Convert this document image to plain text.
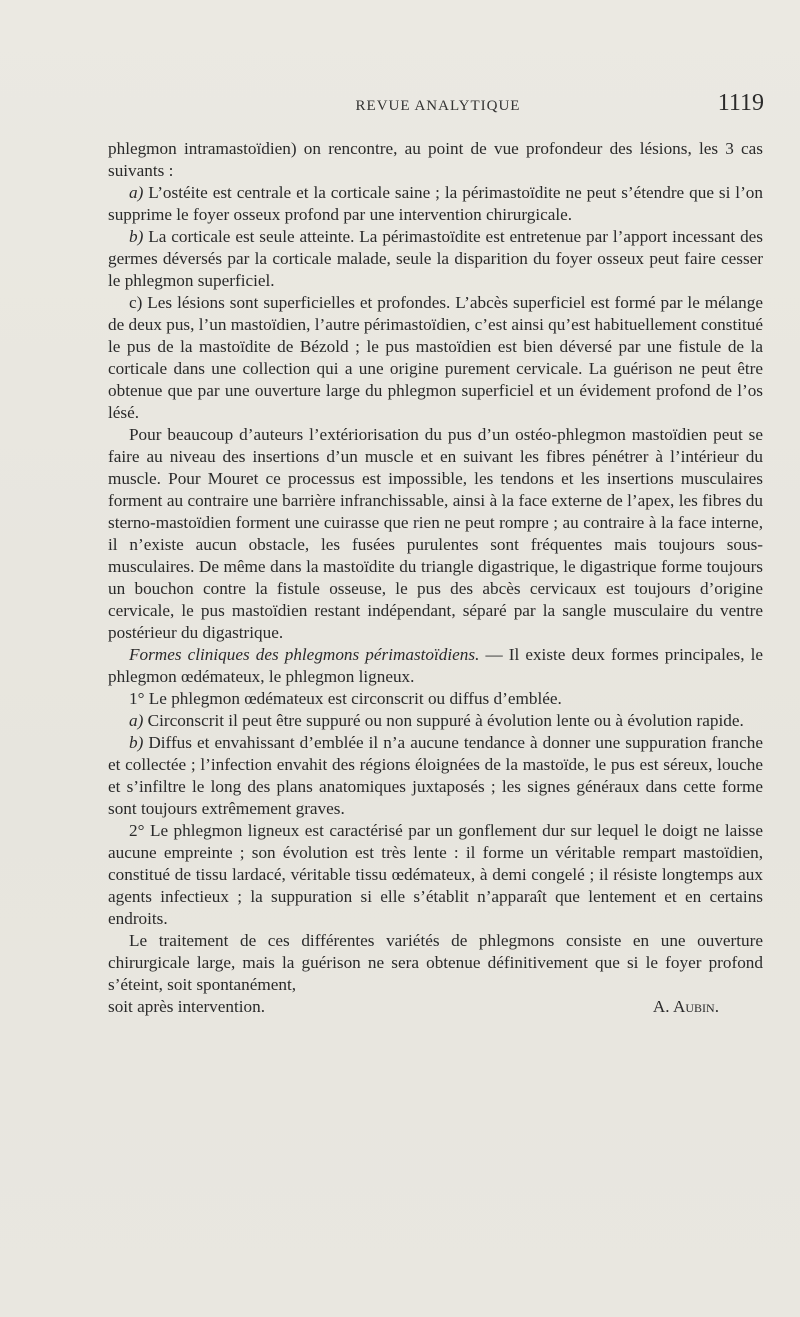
REVUE ANALYTIQUE	1119

phlegmon intramastoïdien) on rencontre, au point de vue profondeur des lésions, les 3 cas suivants :

a) L’ostéite est centrale et la corticale saine ; la périmastoïdite ne peut s’étendre que si l’on supprime le foyer osseux profond par une intervention chirurgicale.

b) La corticale est seule atteinte. La périmastoïdite est entretenue par l’apport incessant des germes déversés par la corticale malade, seule la disparition du foyer osseux peut faire cesser le phlegmon superficiel.

c) Les lésions sont superficielles et profondes. L’abcès superficiel est formé par le mélange de deux pus, l’un mastoïdien, l’autre périmastoïdien, c’est ainsi qu’est habituellement constitué le pus de la mastoïdite de Bézold ; le pus mastoïdien est bien déversé par une fistule de la corticale dans une collection qui a une origine purement cervicale. La guérison ne peut être obtenue que par une ouverture large du phlegmon superficiel et un évidement profond de l’os lésé.

Pour beaucoup d’auteurs l’extériorisation du pus d’un ostéo-phlegmon mastoïdien peut se faire au niveau des insertions d’un muscle et en suivant les fibres pénétrer à l’intérieur du muscle. Pour Mouret ce processus est impossible, les tendons et les insertions musculaires forment au contraire une barrière infranchissable, ainsi à la face externe de l’apex, les fibres du sterno-mastoïdien forment une cuirasse que rien ne peut rompre ; au contraire à la face interne, il n’existe aucun obstacle, les fusées purulentes sont fréquentes mais toujours sous-musculaires. De même dans la mastoïdite du triangle digastrique, le digastrique forme toujours un bouchon contre la fistule osseuse, le pus des abcès cervicaux est toujours d’origine cervicale, le pus mastoïdien restant indépendant, séparé par la sangle musculaire du ventre postérieur du digastrique.

Formes cliniques des phlegmons périmastoïdiens. — Il existe deux formes principales, le phlegmon œdémateux, le phlegmon ligneux.

1° Le phlegmon œdémateux est circonscrit ou diffus d’emblée.

a) Circonscrit il peut être suppuré ou non suppuré à évolution lente ou à évolution rapide.

b) Diffus et envahissant d’emblée il n’a aucune tendance à donner une suppuration franche et collectée ; l’infection envahit des régions éloignées de la mastoïde, le pus est séreux, louche et s’infiltre le long des plans anatomiques juxtaposés ; les signes généraux dans cette forme sont toujours extrêmement graves.

2° Le phlegmon ligneux est caractérisé par un gonflement dur sur lequel le doigt ne laisse aucune empreinte ; son évolution est très lente : il forme un véritable rempart mastoïdien, constitué de tissu lardacé, véritable tissu œdémateux, à demi congelé ; il résiste longtemps aux agents infectieux ; la suppuration si elle s’établit n’apparaît que lentement et en certains endroits.

Le traitement de ces différentes variétés de phlegmons consiste en une ouverture chirurgicale large, mais la guérison ne sera obtenue définitivement que si le foyer profond s’éteint, soit spontanément,

soit après intervention.	A. Aubin.
